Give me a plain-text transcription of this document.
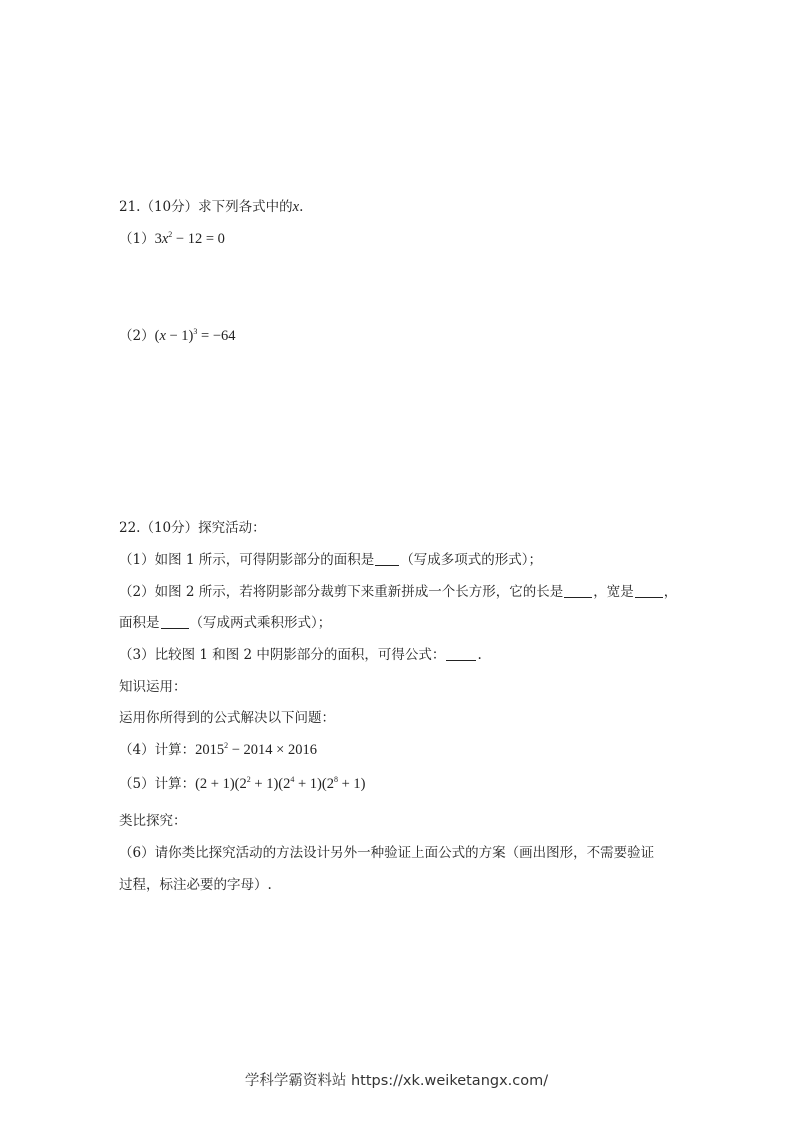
21.（10分）求下列各式中的x.
$(1)3x^2 - 12 = 0$
$(2)(x - 1)^3 = -64$
22.（10分）探究活动：
（1）如图 1 所示，可得阴影部分的面积是 （写成多项式的形式）；
（2）如图 2 所示，若将阴影部分裁剪下来重新拼成一个长方形，它的长是 ，宽是 ，
面积是 （写成两式乘积形式）；
（3）比较图 1 和图 2 中阴影部分的面积，可得公式： .
知识运用：
运用你所得到的公式解决以下问题：
（4）计算：$2015^2 - 2014 \times 2016$
（5）计算：$(2 + 1)(2^2 + 1)(2^4 + 1)(2^8 + 1)$
类比探究：
（6）请你类比探究活动的方法设计另外一种验证上面公式的方案（画出图形，不需要验证
过程，标注必要的字母）.
学科学霸资料站 https://xk.weiketangx.com/
